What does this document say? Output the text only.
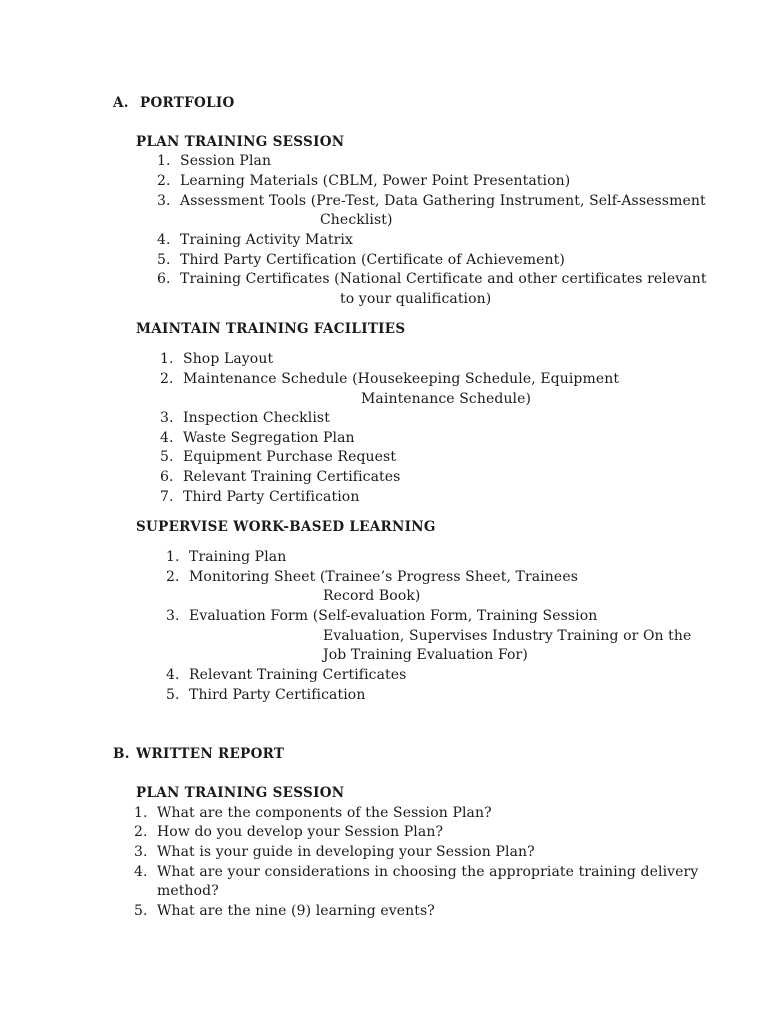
A. PORTFOLIO
PLAN TRAINING SESSION
1. Session Plan
2. Learning Materials (CBLM, Power Point Presentation)
3. Assessment Tools (Pre-Test, Data Gathering Instrument, Self-Assessment
Checklist)
4. Training Activity Matrix
5. Third Party Certification (Certificate of Achievement)
6. Training Certificates (National Certificate and other certificates relevant
to your qualification)
MAINTAIN TRAINING FACILITIES
1. Shop Layout
2. Maintenance Schedule (Housekeeping Schedule, Equipment
Maintenance Schedule)
3. Inspection Checklist
4. Waste Segregation Plan
5. Equipment Purchase Request
6. Relevant Training Certificates
7. Third Party Certification
SUPERVISE WORK-BASED LEARNING
1. Training Plan
2. Monitoring Sheet (Trainee’s Progress Sheet, Trainees
Record Book)
3. Evaluation Form (Self-evaluation Form, Training Session
Evaluation, Supervises Industry Training or On the
Job Training Evaluation For)
4. Relevant Training Certificates
5. Third Party Certification
B. WRITTEN REPORT
PLAN TRAINING SESSION
1. What are the components of the Session Plan?
2. How do you develop your Session Plan?
3. What is your guide in developing your Session Plan?
4. What are your considerations in choosing the appropriate training delivery
method?
5. What are the nine (9) learning events?
